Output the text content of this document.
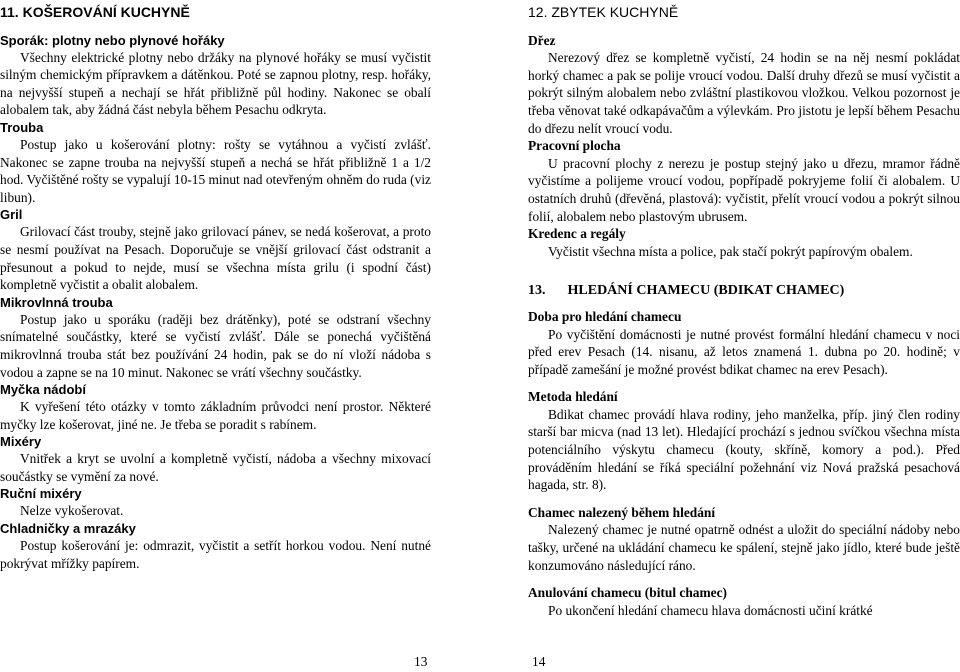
11. KOŠEROVÁNÍ KUCHYNĚ
Sporák: plotny nebo plynové hořáky

Všechny elektrické plotny nebo držáky na plynové hořáky se musí vyčistit silným chemickým přípravkem a dátěnkou. Poté se zapnou plotny, resp. hořáky, na nejvyšší stupeň a nechají se hřát přibližně půl hodiny. Nakonec se obalí alobalem tak, aby žádná část nebyla během Pesachu odkryta.

Trouba

Postup jako u košerování plotny: rošty se vytáhnou a vyčistí zvlášť. Nakonec se zapne trouba na nejvyšší stupeň a nechá se hřát přibližně 1 a 1/2 hod. Vyčištěné rošty se vypalují 10-15 minut nad otevřeným ohněm do ruda (viz libun).

Gril

Grilovací část trouby, stejně jako grilovací pánev, se nedá košerovat, a proto se nesmí používat na Pesach. Doporučuje se vnější grilovací část odstranit a přesunout a pokud to nejde, musí se všechna místa grilu (i spodní část) kompletně vyčistit a obalit alobalem.

Mikrovlnná trouba

Postup jako u sporáku (raději bez drátěnky), poté se odstraní všechny snímatelné součástky, které se vyčistí zvlášť. Dále se ponechá vyčištěná mikrovlnná trouba stát bez používání 24 hodin, pak se do ní vloží nádoba s vodou a zapne se na 10 minut. Nakonec se vrátí všechny součástky.

Myčka nádobí

K vyřešení této otázky v tomto základním průvodci není prostor. Některé myčky lze košerovat, jiné ne. Je třeba se poradit s rabínem.

Mixéry

Vnitřek a kryt se uvolní a kompletně vyčistí, nádoba a všechny mixovací součástky se vymění za nové.

Ruční mixéry

Nelze vykošerovat.

Chladničky a mrazáky

Postup košerování je: odmrazit, vyčistit a setřít horkou vodou. Není nutné pokrývat mřížky papírem.

13
12. ZBYTEK KUCHYNĚ
Dřez

Nerezový dřez se kompletně vyčistí, 24 hodin se na něj nesmí pokládat horký chamec a pak se polije vroucí vodou. Další druhy dřezů se musí vyčistit a pokrýt silným alobalem nebo zvláštní plastikovou vložkou. Velkou pozornost je třeba věnovat také odkapávačům a výlevkám. Pro jistotu je lepší během Pesachu do dřezu nelít vroucí vodu.

Pracovní plocha

U pracovní plochy z nerezu je postup stejný jako u dřezu, mramor řádně vyčistíme a polijeme vroucí vodou, popřípadě pokryjeme folií či alobalem. U ostatních druhů (dřevěná, plastová): vyčistit, přelít vroucí vodou a pokrýt silnou folií, alobalem nebo plastovým ubrusem.

Kredenc a regály

Vyčistit všechna místa a police, pak stačí pokrýt papírovým obalem.

13. HLEDÁNÍ CHAMECU (BDIKAT CHAMEC)
Doba pro hledání chamecu

Po vyčištění domácnosti je nutné provést formální hledání chamecu v noci před erev Pesach (14. nisanu, až letos znamená 1. dubna po 20. hodině; v případě zamešání je možné provést bdikat chamec na erev Pesach).

Metoda hledání

Bdikat chamec provádí hlava rodiny, jeho manželka, příp. jiný člen rodiny starší bar micva (nad 13 let). Hledající prochází s jednou svíčkou všechna místa potenciálního výskytu chamecu (kouty, skříně, komory a pod.). Před prováděním hledání se říká speciální požehnání viz Nová pražská pesachová hagada, str. 8).

Chamec nalezený během hledání

Nalezený chamec je nutné opatrně odnést a uložit do speciální nádoby nebo tašky, určené na ukládání chamecu ke spálení, stejně jako jídlo, které bude ještě konzumováno následující ráno.

Anulování chamecu (bitul chamec)

Po ukončení hledání chamecu hlava domácnosti učiní krátké

14
